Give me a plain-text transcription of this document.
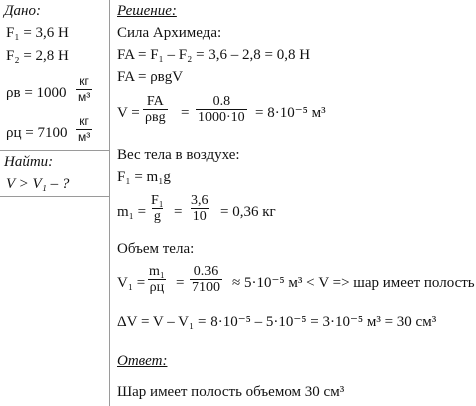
Дано:
F₁ = 3,6 Н
F₂ = 2,8 Н
ρв = 1000
кг
м³
ρц = 7100
кг
м³
Найти:
V > V₁ – ?
Решение:
Сила Архимеда:
FA = F₁ – F₂ = 3,6 – 2,8 = 0,8 Н
FA = ρвgV
V =
FA
$\rho вg = \frac{0.8}{1000\cdot 10} = 8\cdot 10^{-5}$ м³
Вес тела в воздухе:
F₁ = m₁g
$m_1 = \frac{\text{F₁}}{g} = \frac{3,6}{10} = 0,36$ кг
Объем тела:
V₁ =
m₁
$\rho ц = \frac{0.36}{7100} \approx 5\cdot 10^{-5}$ м³ < V => шар имеет полость
ΔV = V – V₁ = 8·10⁻⁵ – 5·10⁻⁵ = 3·10⁻⁵ м³ = 30 см³
Ответ:
Шар имеет полость объемом 30 см³
